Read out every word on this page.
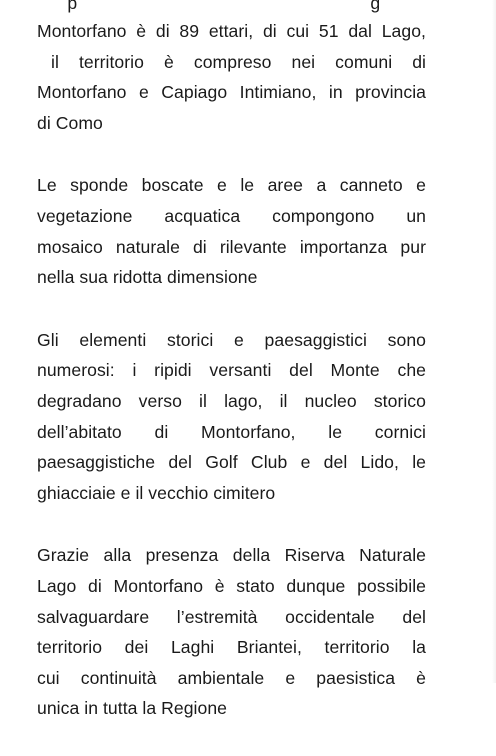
p                                                            g
Montorfano è di 89 ettari, di cui 51 dal Lago,
il territorio è compreso nei comuni di
Montorfano e Capiago Intimiano, in provincia
di Como
Le sponde boscate e le aree a canneto e
vegetazione acquatica compongono un
mosaico naturale di rilevante importanza pur
nella sua ridotta dimensione
Gli elementi storici e paesaggistici sono
numerosi: i ripidi versanti del Monte che
degradano verso il lago, il nucleo storico
dell’abitato di Montorfano, le cornici
paesaggistiche del Golf Club e del Lido, le
ghiacciaie e il vecchio cimitero
Grazie alla presenza della Riserva Naturale
Lago di Montorfano è stato dunque possibile
salvaguardare l’estremità occidentale del
territorio dei Laghi Briantei, territorio la
cui continuità ambientale e paesistica è
unica in tutta la Regione
